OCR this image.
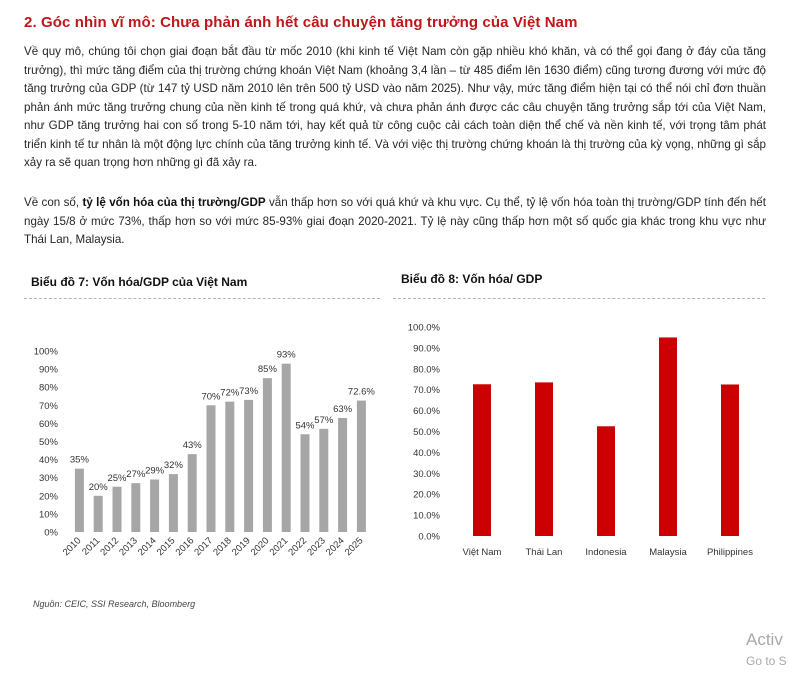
2. Góc nhìn vĩ mô: Chưa phản ánh hết câu chuyện tăng trưởng của Việt Nam

Về quy mô, chúng tôi chọn giai đoạn bắt đầu từ mốc 2010 (khi kinh tế Việt Nam còn gặp nhiều khó khăn, và có thể gọi đang ở đáy của tăng trưởng), thì mức tăng điểm của thị trường chứng khoán Việt Nam (khoảng 3,4 lần – từ 485 điểm lên 1630 điểm) cũng tương đương với mức độ tăng trưởng của GDP (từ 147 tỷ USD năm 2010 lên trên 500 tỷ USD vào năm 2025). Như vậy, mức tăng điểm hiện tại có thể nói chỉ đơn thuần phản ánh mức tăng trưởng chung của nền kinh tế trong quá khứ, và chưa phản ánh được các câu chuyện tăng trưởng sắp tới của Việt Nam, như GDP tăng trưởng hai con số trong 5-10 năm tới, hay kết quả từ công cuộc cải cách toàn diện thể chế và nền kinh tế, với trọng tâm phát triển kinh tế tư nhân là một động lực chính của tăng trưởng kinh tế. Và với việc thị trường chứng khoán là thị trường của kỳ vọng, những gì sắp xảy ra sẽ quan trọng hơn những gì đã xảy ra.

Về con số, tỷ lệ vốn hóa của thị trường/GDP vẫn thấp hơn so với quá khứ và khu vực. Cụ thể, tỷ lệ vốn hóa toàn thị trường/GDP tính đến hết ngày 15/8 ở mức 73%, thấp hơn so với mức 85-93% giai đoạn 2020-2021. Tỷ lệ này cũng thấp hơn một số quốc gia khác trong khu vực như Thái Lan, Malaysia.

Biểu đồ 7: Vốn hóa/GDP của Việt Nam	Biểu đồ 8: Vốn hóa/ GDP

0%
10%
20%
30%
40%
50%
60%
70%
80%
90%
100%
35%
2010
20%
2011
25%
2012
27%
2013
29%
2014
32%
2015
43%
2016
70%
2017
72%
2018
73%
2019
85%
2020
93%
2021
54%
2022
57%
2023
63%
2024
72.6%
2025	0.0%
10.0%
20.0%
30.0%
40.0%
50.0%
60.0%
70.0%
80.0%
90.0%
100.0%
Việt Nam	Thái Lan Indonesia Malaysia Philippines

Nguồn: CEIC, SSI Research, Bloomberg

Activ

Go to S
